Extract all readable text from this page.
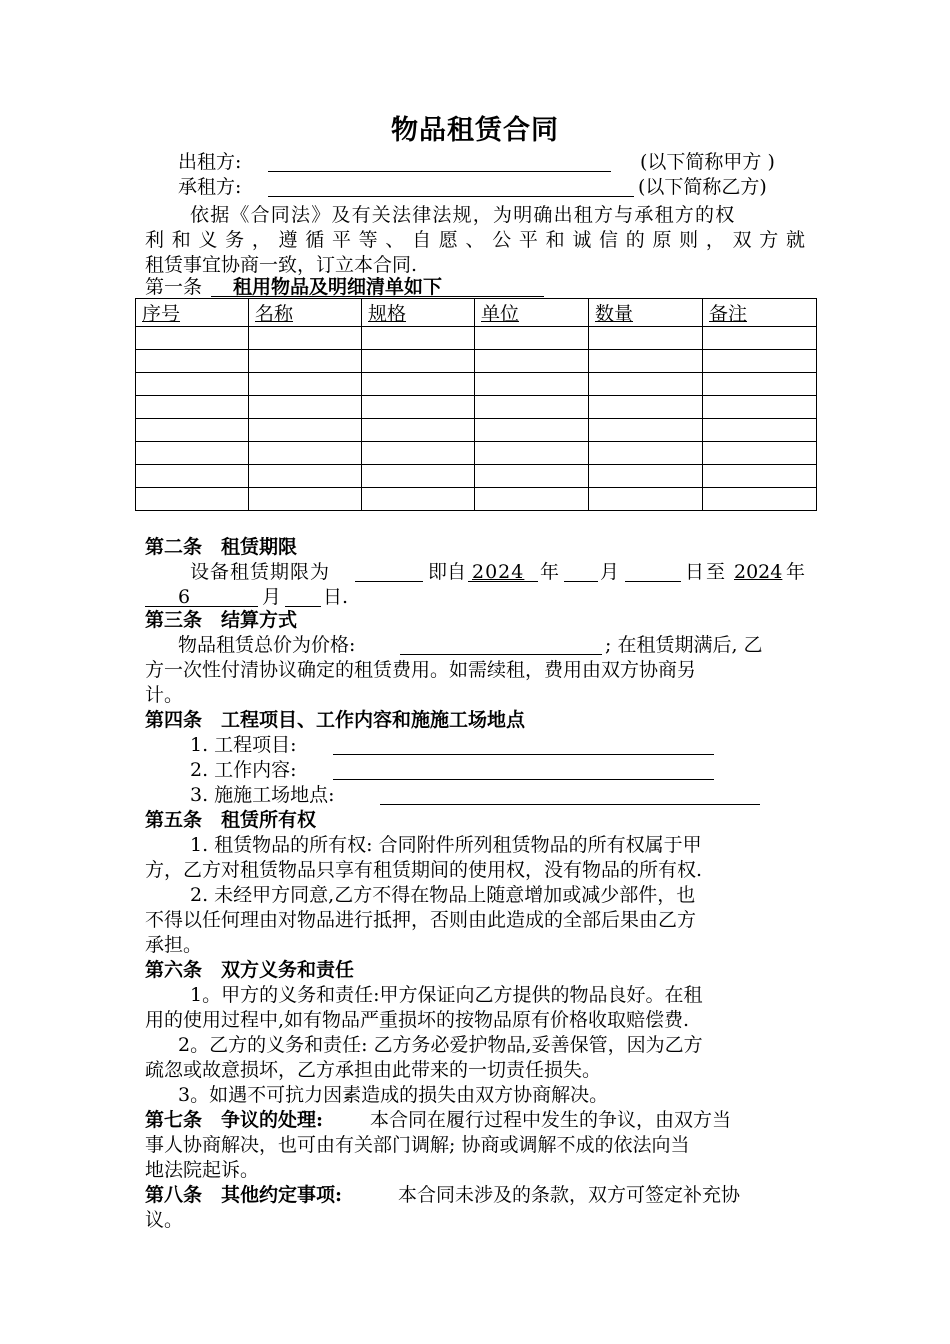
物品租赁合同
出租方:	(以下简称甲方 )
承租方:	(以下简称乙方)
依据《合同法》及有关法律法规，为明确出租方与承租方的权
利和义务，遵循平等、自愿、公平和诚信的原则，双方就
租赁事宜协商一致，订立本合同.
第一条 租用物品及明细清单如下
序号	名称	规格	单位	数量	备注

第二条　租赁期限
设备租赁期限为	即自 2024 年 月	日至 2024 年
6	月 日.
第三条　结算方式
物品租赁总价为价格:	; 在租赁期满后, 乙
方一次性付清协议确定的租赁费用。如需续租，费用由双方协商另
计。
第四条　工程项目、工作内容和施施工场地点
1. 工程项目:
2. 工作内容:
3. 施施工场地点:
第五条　租赁所有权
1. 租赁物品的所有权: 合同附件所列租赁物品的所有权属于甲
方，乙方对租赁物品只享有租赁期间的使用权，没有物品的所有权.
2. 未经甲方同意,乙方不得在物品上随意增加或减少部件，也
不得以任何理由对物品进行抵押，否则由此造成的全部后果由乙方
承担。
第六条　双方义务和责任
1。甲方的义务和责任:甲方保证向乙方提供的物品良好。在租
用的使用过程中,如有物品严重损坏的按物品原有价格收取赔偿费.
2。乙方的义务和责任: 乙方务必爱护物品,妥善保管，因为乙方
疏忽或故意损坏，乙方承担由此带来的一切责任损失。
3。如遇不可抗力因素造成的损失由双方协商解决。
第七条　争议的处理: 本合同在履行过程中发生的争议，由双方当
事人协商解决，也可由有关部门调解; 协商或调解不成的依法向当
地法院起诉。
第八条　其他约定事项:	本合同未涉及的条款，双方可签定补充协
议。
